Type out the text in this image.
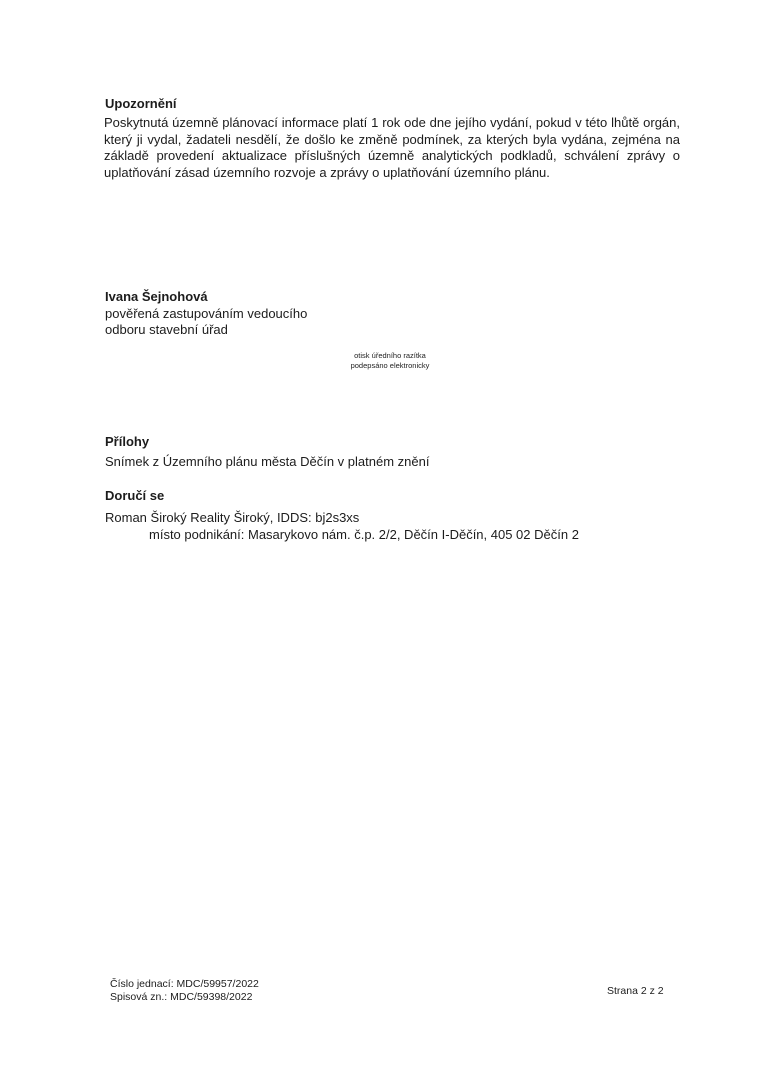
Upozornění

Poskytnutá územně plánovací informace platí 1 rok ode dne jejího vydání, pokud v této lhůtě orgán, který ji vydal, žadateli nesdělí, že došlo ke změně podmínek, za kterých byla vydána, zejména na základě provedení aktualizace příslušných územně analytických podkladů, schválení zprávy o uplatňování zásad územního rozvoje a zprávy o uplatňování územního plánu.

Ivana Šejnohová
pověřená zastupováním vedoucího
odboru stavební úřad
otisk úředního razítka
podepsáno elektronicky
Přílohy
Snímek z Územního plánu města Děčín v platném znění
Doručí se
Roman Široký Reality Široký, IDDS: bj2s3xs
místo podnikání: Masarykovo nám. č.p. 2/2, Děčín I-Děčín, 405 02 Děčín 2
Číslo jednací: MDC/59957/2022
Spisová zn.: MDC/59398/2022	Strana 2 z 2
